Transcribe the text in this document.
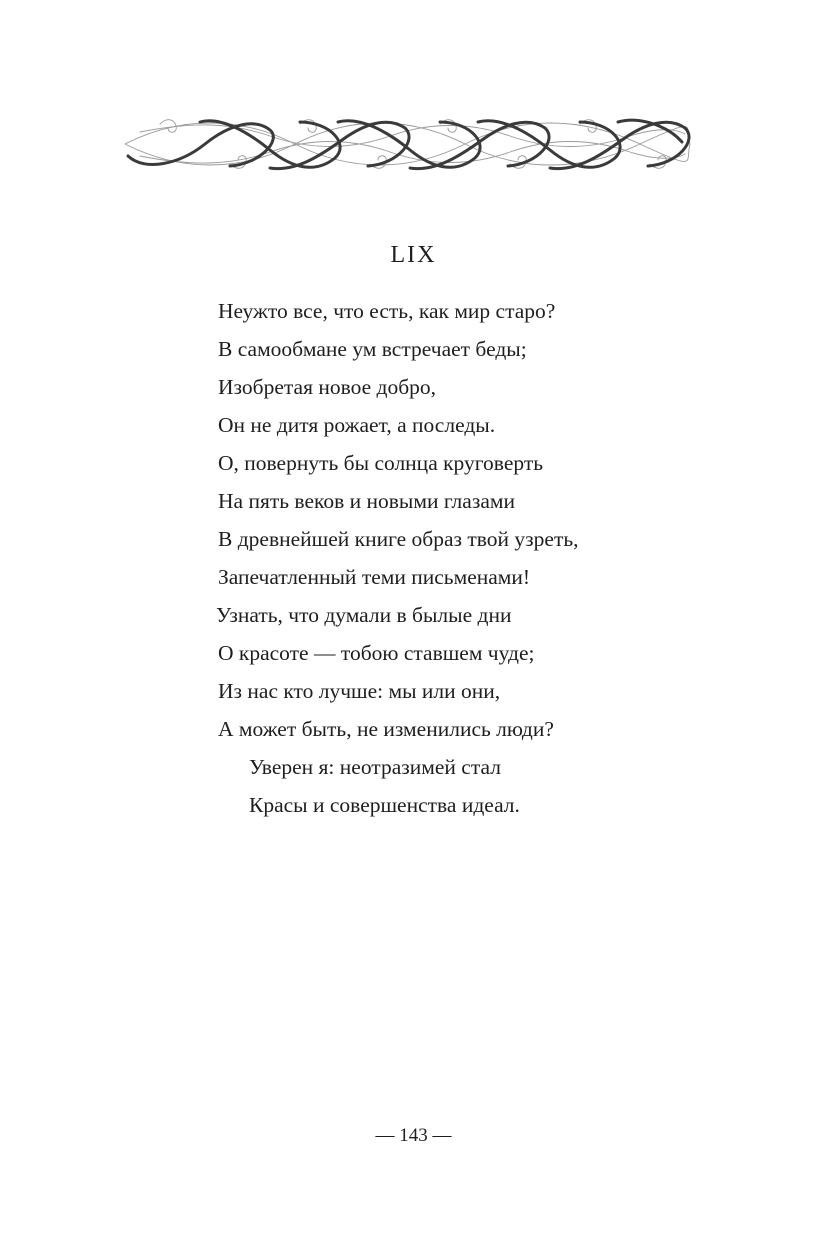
LIX
Неужто все, что есть, как мир старо?
В самообмане ум встречает беды;
Изобретая новое добро,
Он не дитя рожает, а последы.
О, повернуть бы солнца круговерть
На пять веков и новыми глазами
В древнейшей книге образ твой узреть,
Запечатленный теми письменами!
Узнать, что думали в былые дни
О красоте — тобою ставшем чуде;
Из нас кто лучше: мы или они,
А может быть, не изменились люди?
Уверен я: неотразимей стал
Красы и совершенства идеал.
— 143 —
